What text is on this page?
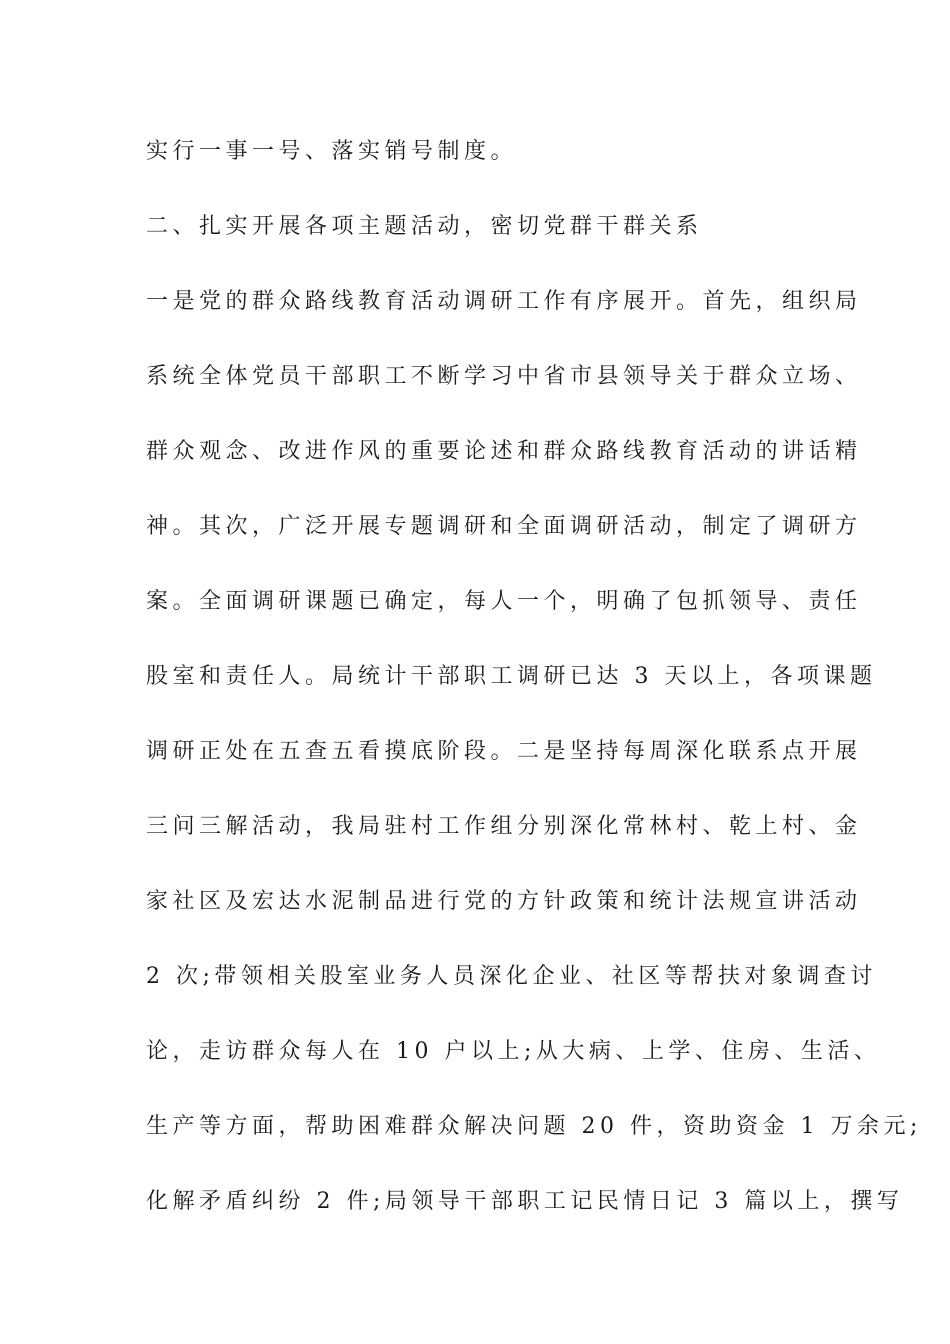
实行一事一号、落实销号制度。
二、扎实开展各项主题活动，密切党群干群关系
一是党的群众路线教育活动调研工作有序展开。首先，组织局
系统全体党员干部职工不断学习中省市县领导关于群众立场、
群众观念、改进作风的重要论述和群众路线教育活动的讲话精
神。其次，广泛开展专题调研和全面调研活动，制定了调研方
案。全面调研课题已确定，每人一个，明确了包抓领导、责任
股室和责任人。局统计干部职工调研已达 3 天以上，各项课题
调研正处在五查五看摸底阶段。二是坚持每周深化联系点开展
三问三解活动，我局驻村工作组分别深化常林村、乾上村、金
家社区及宏达水泥制品进行党的方针政策和统计法规宣讲活动
2 次;带领相关股室业务人员深化企业、社区等帮扶对象调查讨
论，走访群众每人在 10 户以上;从大病、上学、住房、生活、
生产等方面，帮助困难群众解决问题 20 件，资助资金 1 万余元;
化解矛盾纠纷 2 件;局领导干部职工记民情日记 3 篇以上，撰写
